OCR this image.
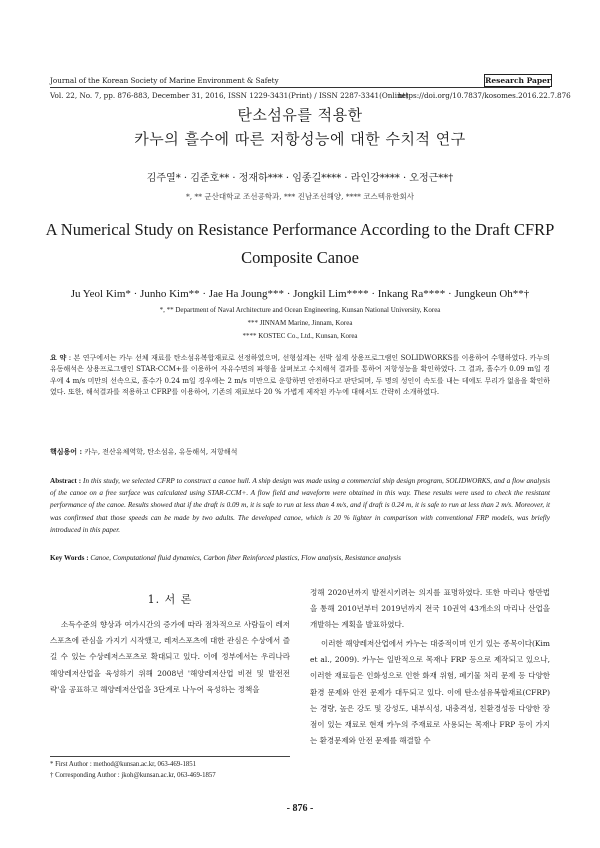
Journal of the Korean Society of Marine Environment & Safety	Research Paper
Vol. 22, No. 7, pp. 876-883, December 31, 2016, ISSN 1229-3431(Print) / ISSN 2287-3341(Online)
https://doi.org/10.7837/kosomes.2016.22.7.876
탄소섬유를 적용한
카누의 흘수에 따른 저항성능에 대한 수치적 연구
김주열* · 김준호** · 정재하*** · 임종길**** · 라인강**** · 오정근**†
*, ** 군산대학교 조선공학과, *** 진남조선해양, **** 코스텍유한회사
A Numerical Study on Resistance Performance According to the Draft CFRP
Composite Canoe
Ju Yeol Kim* · Junho Kim** · Jae Ha Joung*** · Jongkil Lim**** · Inkang Ra**** · Jungkeun Oh**†
*, ** Department of Naval Architecture and Ocean Engineering, Kunsan National University, Korea
*** JINNAM Marine, Jinnam, Korea
**** KOSTEC Co., Ltd., Kunsan, Korea
요 약 : 본 연구에서는 카누 선체 재료를 탄소섬유복합재료로 선정하였으며, 선형설계는 선박 설계 상용프로그램인 SOLIDWORKS를 이용하여 수행하였다. 카누의 유동해석은 상용프로그램인 STAR-CCM+를 이용하여 자유수면의 파형을 살펴보고 수치해석 결과를 통하여 저항성능을 확인하였다. 그 결과, 흘수가 0.09 m일 경우에 4 m/s 미만의 선속으로, 흘수가 0.24 m일 경우에는 2 m/s 미만으로 운항하면 안전하다고 판단되며, 두 명의 성인이 속도를 내는 데에도 무리가 없음을 확인하였다. 또한, 해석결과를 적용하고 CFRP를 이용하여, 기존의 재료보다 20 % 가볍게 제작된 카누에 대해서도 간략히 소개하였다.
핵심용어 : 카누, 전산유체역학, 탄소섬유, 유동해석, 저항해석
Abstract : In this study, we selected CFRP to construct a canoe hull. A ship design was made using a commercial ship design program, SOLIDWORKS, and a flow analysis of the canoe on a free surface was calculated using STAR-CCM+. A flow field and waveform were obtained in this way. These results were used to check the resistant performance of the canoe. Results showed that if the draft is 0.09 m, it is safe to run at less than 4 m/s, and if draft is 0.24 m, it is safe to run at less than 2 m/s. Moreover, it was confirmed that those speeds can be made by two adults. The developed canoe, which is 20 % lighter in comparison with conventional FRP models, was briefly introduced in this paper.
Key Words : Canoe, Computational fluid dynamics, Carbon fiber Reinforced plastics, Flow analysis, Resistance analysis
1. 서 론
소득수준의 향상과 여가시간의 증가에 따라 점차적으로 사람들이 레저스포츠에 관심을 가지기 시작했고, 레저스포츠에 대한 관심은 수상에서 즐길 수 있는 수상레저스포츠로 확대되고 있다. 이에 정부에서는 우리나라 해양레저산업을 육성하기 위해 2008년 '해양레저산업 비전 및 발전전략'을 공표하고 해양레저산업을 3단계로 나누어 육성하는 정책을
* First Author : method@kunsan.ac.kr, 063-469-1851
† Corresponding Author : jkoh@kunsan.ac.kr, 063-469-1857
정해 2020년까지 발전시키려는 의지를 표명하였다. 또한 마리나 항만법을 통해 2010년부터 2019년까지 전국 10권역 43개소의 마리나 산업을 개발하는 계획을 발표하였다.
이러한 해양레저산업에서 카누는 대중적이며 인기 있는 종목이다(Kim et al., 2009). 카누는 일반적으로 목재나 FRP 등으로 제작되고 있으나, 이러한 재료들은 인화성으로 인한 화재 위험, 폐기물 처리 문제 등 다양한 환경 문제와 안전 문제가 대두되고 있다. 이에 탄소섬유복합재료(CFRP)는 경량, 높은 강도 및 강성도, 내부식성, 내충격성, 친환경성등 다양한 장점이 있는 재료로 현재 카누의 주재료로 사용되는 목재나 FRP 등이 가지는 환경문제와 안전 문제를 해결할 수
- 876 -
